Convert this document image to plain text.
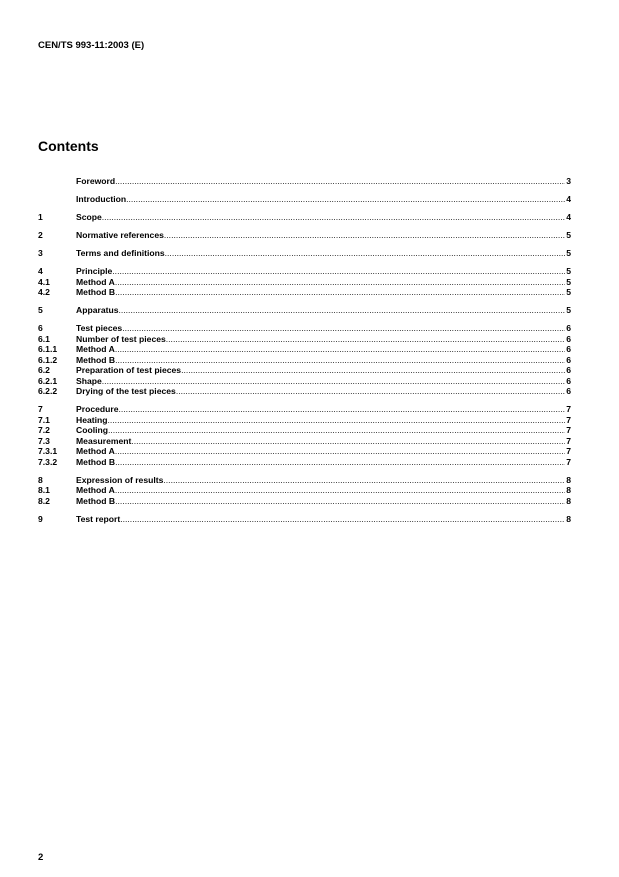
CEN/TS 993-11:2003 (E)
Contents
Foreword .....	3
Introduction .....	4
1	Scope .....	4
2	Normative references .....	5
3	Terms and definitions .....	5
4	Principle .....	5
4.1	Method A .....	5
4.2	Method B .....	5
5	Apparatus .....	5
6	Test pieces .....	6
6.1	Number of test pieces .....	6
6.1.1	Method A .....	6
6.1.2	Method B .....	6
6.2	Preparation of test pieces .....	6
6.2.1	Shape .....	6
6.2.2	Drying of the test pieces .....	6
7	Procedure .....	7
7.1	Heating .....	7
7.2	Cooling .....	7
7.3	Measurement .....	7
7.3.1	Method A .....	7
7.3.2	Method B .....	7
8	Expression of results .....	8
8.1	Method A .....	8
8.2	Method B .....	8
9	Test report .....	8
2
